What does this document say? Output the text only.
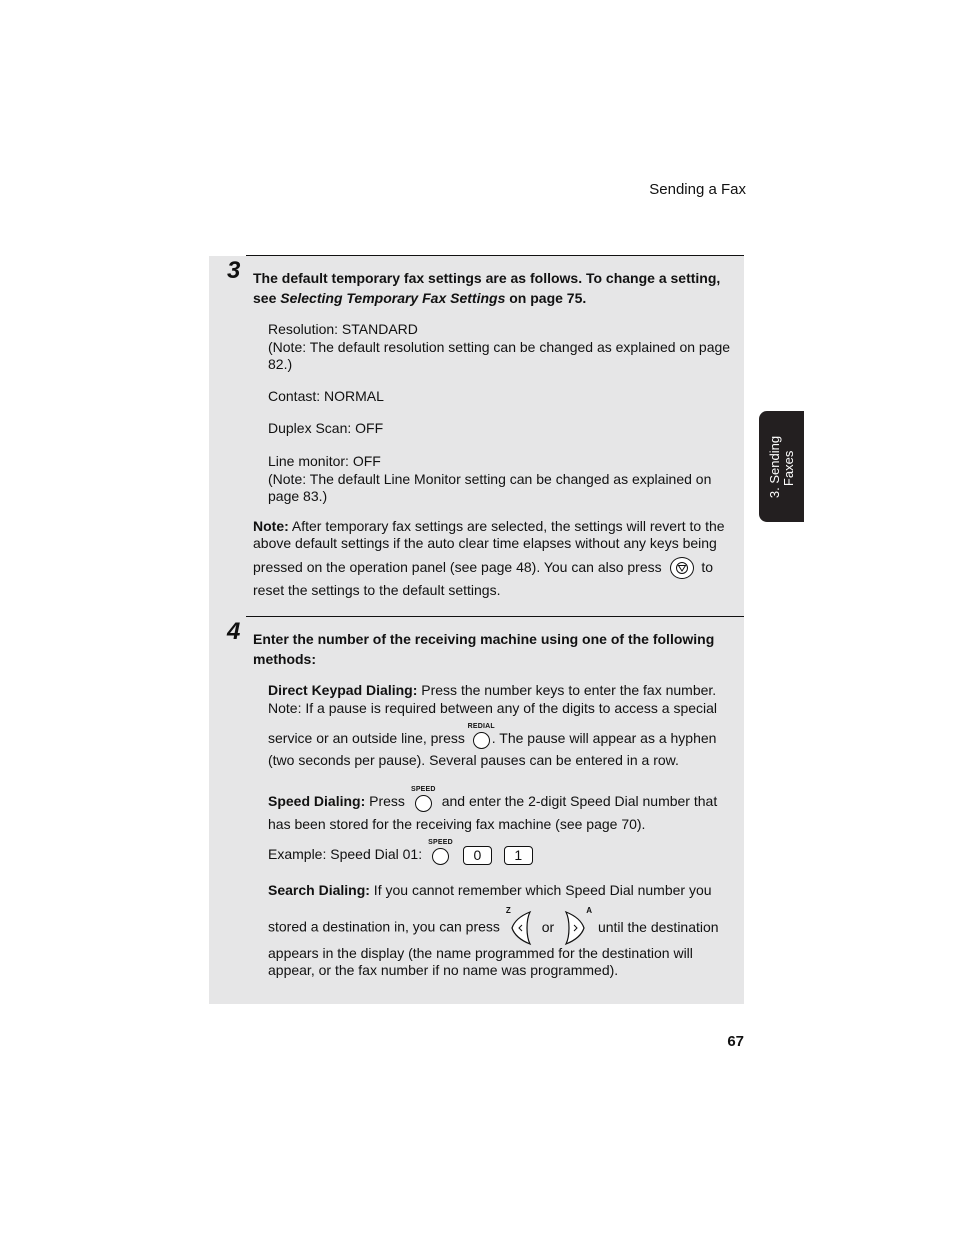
Sending a Fax
3. Sending Faxes
3 The default temporary fax settings are as follows. To change a setting,
see Selecting Temporary Fax Settings on page 75.
Resolution: STANDARD
(Note: The default resolution setting can be changed as explained on page
82.)
Contast: NORMAL
Duplex Scan: OFF
Line monitor: OFF
(Note: The default Line Monitor setting can be changed as explained on
page 83.)
Note: After temporary fax settings are selected, the settings will revert to the
above default settings if the auto clear time elapses without any keys being
pressed on the operation panel (see page 48). You can also press	to
reset the settings to the default settings.
4 Enter the number of the receiving machine using one of the following
methods:
Direct Keypad Dialing: Press the number keys to enter the fax number.
Note: If a pause is required between any of the digits to access a special
service or an outside line, press
REDIAL
. The pause will appear as a hyphen
(two seconds per pause). Several pauses can be entered in a row.
Speed Dialing: Press
SPEED
and enter the 2-digit Speed Dial number that
has been stored for the receiving fax machine (see page 70).
Example: Speed Dial 01:
SPEED
0 1
Search Dialing: If you cannot remember which Speed Dial number you
stored a destination in, you can press
Z
or
A
until the destination
appears in the display (the name programmed for the destination will
appear, or the fax number if no name was programmed).
67
